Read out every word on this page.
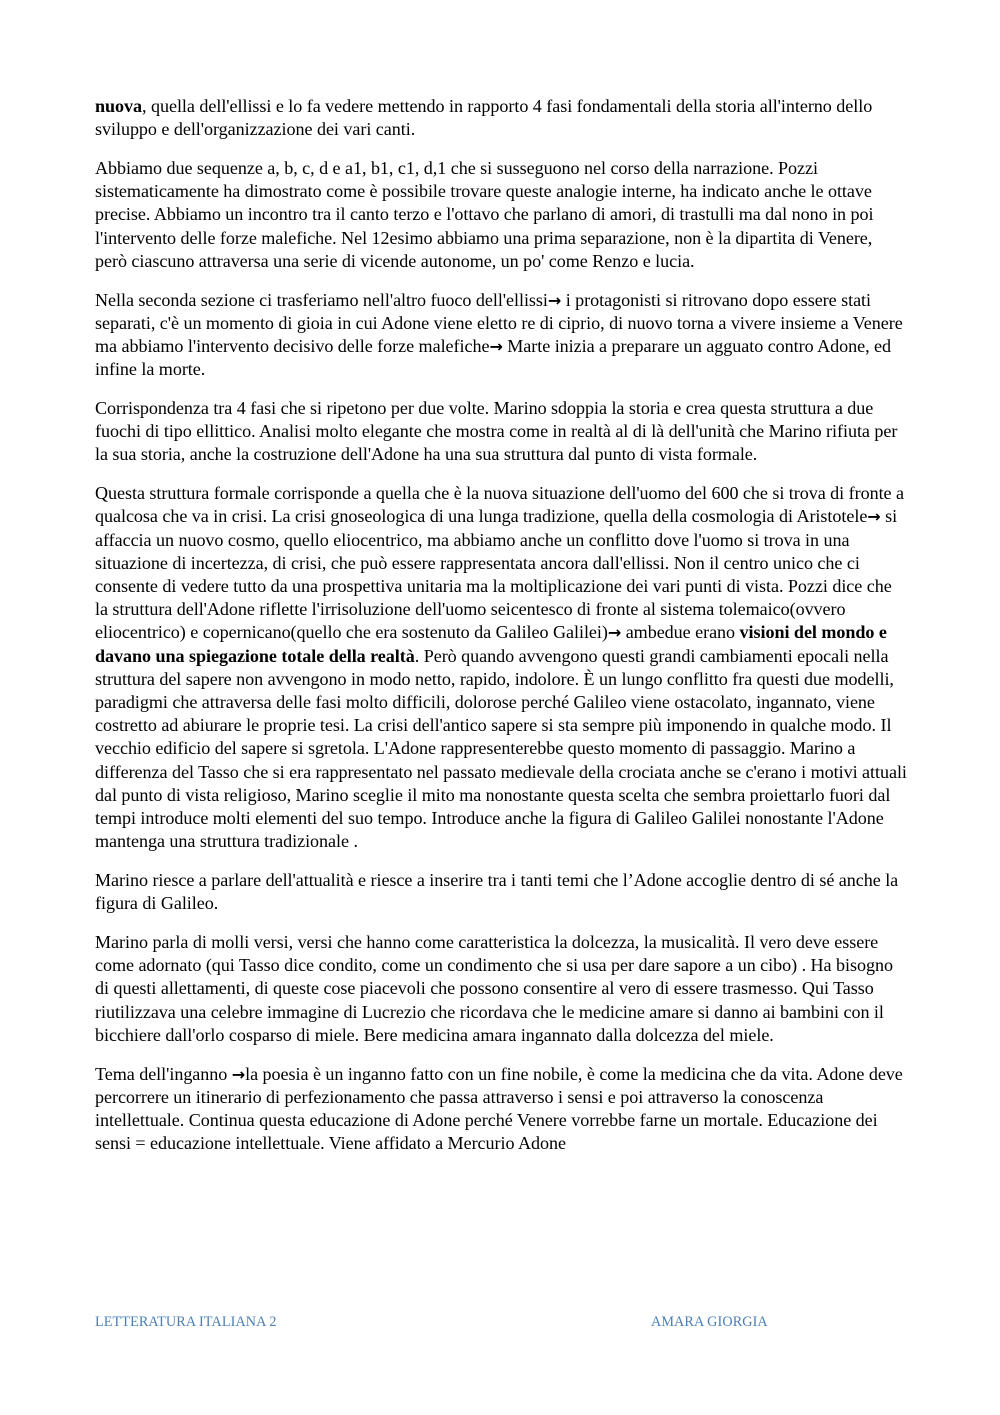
nuova, quella dell'ellissi e lo fa vedere mettendo in rapporto 4 fasi fondamentali della storia all'interno dello sviluppo e dell'organizzazione dei vari canti.

Abbiamo due sequenze a, b, c, d e a1, b1, c1, d,1 che si susseguono nel corso della narrazione. Pozzi sistematicamente ha dimostrato come è possibile trovare queste analogie interne, ha indicato anche le ottave precise. Abbiamo un incontro tra il canto terzo e l'ottavo che parlano di amori, di trastulli ma dal nono in poi l'intervento delle forze malefiche. Nel 12esimo abbiamo una prima separazione, non è la dipartita di Venere, però ciascuno attraversa una serie di vicende autonome, un po' come Renzo e lucia.

Nella seconda sezione ci trasferiamo nell'altro fuoco dell'ellissi→ i protagonisti si ritrovano dopo essere stati separati, c'è un momento di gioia in cui Adone viene eletto re di ciprio, di nuovo torna a vivere insieme a Venere ma abbiamo l'intervento decisivo delle forze malefiche→ Marte inizia a preparare un agguato contro Adone, ed infine la morte.

Corrispondenza tra 4 fasi che si ripetono per due volte. Marino sdoppia la storia e crea questa struttura a due fuochi di tipo ellittico. Analisi molto elegante che mostra come in realtà al di là dell'unità che Marino rifiuta per la sua storia, anche la costruzione dell'Adone ha una sua struttura dal punto di vista formale.

Questa struttura formale corrisponde a quella che è la nuova situazione dell'uomo del 600 che si trova di fronte a qualcosa che va in crisi. La crisi gnoseologica di una lunga tradizione, quella della cosmologia di Aristotele→ si affaccia un nuovo cosmo, quello eliocentrico, ma abbiamo anche un conflitto dove l'uomo si trova in una situazione di incertezza, di crisi, che può essere rappresentata ancora dall'ellissi. Non il centro unico che ci consente di vedere tutto da una prospettiva unitaria ma la moltiplicazione dei vari punti di vista. Pozzi dice che la struttura dell'Adone riflette l'irrisoluzione dell'uomo seicentesco di fronte al sistema tolemaico(ovvero eliocentrico) e copernicano(quello che era sostenuto da Galileo Galilei)→ ambedue erano visioni del mondo e davano una spiegazione totale della realtà. Però quando avvengono questi grandi cambiamenti epocali nella struttura del sapere non avvengono in modo netto, rapido, indolore. È un lungo conflitto fra questi due modelli, paradigmi che attraversa delle fasi molto difficili, dolorose perché Galileo viene ostacolato, ingannato, viene costretto ad abiurare le proprie tesi. La crisi dell'antico sapere si sta sempre più imponendo in qualche modo. Il vecchio edificio del sapere si sgretola. L'Adone rappresenterebbe questo momento di passaggio. Marino a differenza del Tasso che si era rappresentato nel passato medievale della crociata anche se c'erano i motivi attuali dal punto di vista religioso, Marino sceglie il mito ma nonostante questa scelta che sembra proiettarlo fuori dal tempi introduce molti elementi del suo tempo. Introduce anche la figura di Galileo Galilei nonostante l'Adone mantenga una struttura tradizionale .

Marino riesce a parlare dell'attualità e riesce a inserire tra i tanti temi che l’Adone accoglie dentro di sé anche la figura di Galileo.

Marino parla di molli versi, versi che hanno come caratteristica la dolcezza, la musicalità. Il vero deve essere come adornato (qui Tasso dice condito, come un condimento che si usa per dare sapore a un cibo) . Ha bisogno di questi allettamenti, di queste cose piacevoli che possono consentire al vero di essere trasmesso. Qui Tasso riutilizzava una celebre immagine di Lucrezio che ricordava che le medicine amare si danno ai bambini con il bicchiere dall'orlo cosparso di miele. Bere medicina amara ingannato dalla dolcezza del miele.

Tema dell'inganno →la poesia è un inganno fatto con un fine nobile, è come la medicina che da vita. Adone deve percorrere un itinerario di perfezionamento che passa attraverso i sensi e poi attraverso la conoscenza intellettuale. Continua questa educazione di Adone perché Venere vorrebbe farne un mortale. Educazione dei sensi = educazione intellettuale. Viene affidato a Mercurio Adone

LETTERATURA ITALIANA 2	AMARA GIORGIA
